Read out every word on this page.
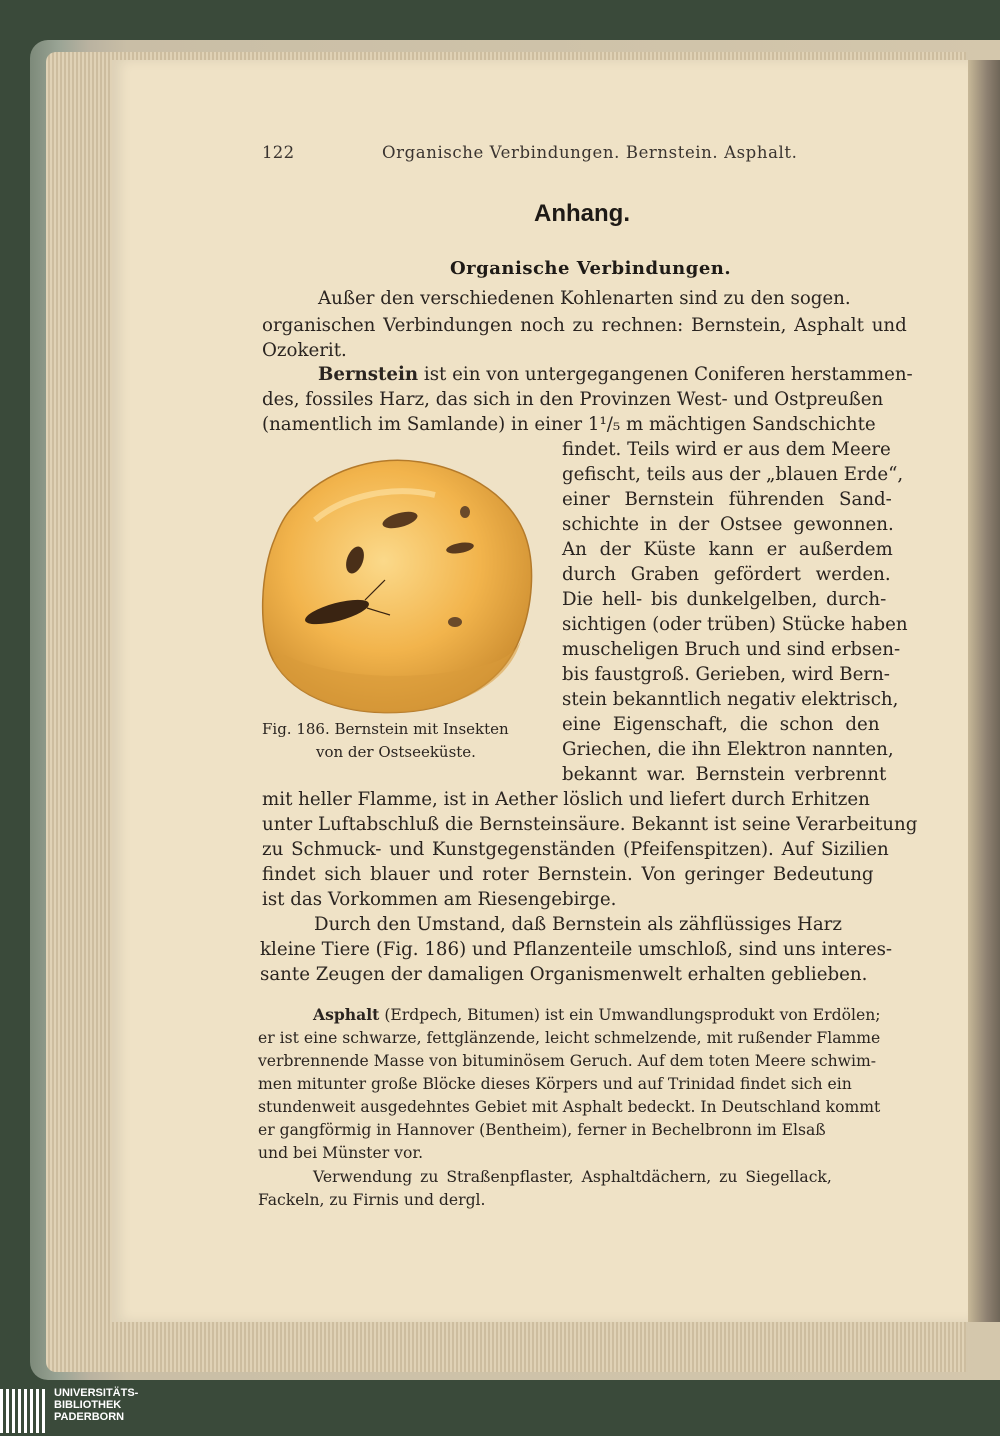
122	Organische Verbindungen. Bernstein. Asphalt.
Anhang.
Organische Verbindungen.
Außer den verschiedenen Kohlenarten sind zu den sogen.
organischen Verbindungen noch zu rechnen: Bernstein, Asphalt und
Ozokerit.
Bernstein ist ein von untergegangenen Coniferen herstammen-
des, fossiles Harz, das sich in den Provinzen West- und Ostpreußen
(namentlich im Samlande) in einer 1¹/₅ m mächtigen Sandschichte
findet. Teils wird er aus dem Meere
gefischt, teils aus der „blauen Erde“,
einer Bernstein führenden Sand-
schichte in der Ostsee gewonnen.
An der Küste kann er außerdem
durch Graben gefördert werden.
Die hell- bis dunkelgelben, durch-
sichtigen (oder trüben) Stücke haben
muscheligen Bruch und sind erbsen-
bis faustgroß. Gerieben, wird Bern-
stein bekanntlich negativ elektrisch,
eine Eigenschaft, die schon den
Griechen, die ihn Elektron nannten,
bekannt war. Bernstein verbrennt
mit heller Flamme, ist in Aether löslich und liefert durch Erhitzen
unter Luftabschluß die Bernsteinsäure. Bekannt ist seine Verarbeitung
zu Schmuck- und Kunstgegenständen (Pfeifenspitzen). Auf Sizilien
findet sich blauer und roter Bernstein. Von geringer Bedeutung
ist das Vorkommen am Riesengebirge.
Fig. 186. Bernstein mit Insekten
von der Ostseeküste.
Durch den Umstand, daß Bernstein als zähflüssiges Harz
kleine Tiere (Fig. 186) und Pflanzenteile umschloß, sind uns interes-
sante Zeugen der damaligen Organismenwelt erhalten geblieben.
Asphalt (Erdpech, Bitumen) ist ein Umwandlungsprodukt von Erdölen;
er ist eine schwarze, fettglänzende, leicht schmelzende, mit rußender Flamme
verbrennende Masse von bituminösem Geruch. Auf dem toten Meere schwim-
men mitunter große Blöcke dieses Körpers und auf Trinidad findet sich ein
stundenweit ausgedehntes Gebiet mit Asphalt bedeckt. In Deutschland kommt
er gangförmig in Hannover (Bentheim), ferner in Bechelbronn im Elsaß
und bei Münster vor.
Verwendung zu Straßenpflaster, Asphaltdächern, zu Siegellack,
Fackeln, zu Firnis und dergl.
UNIVERSITÄTS-
BIBLIOTHEK
PADERBORN
